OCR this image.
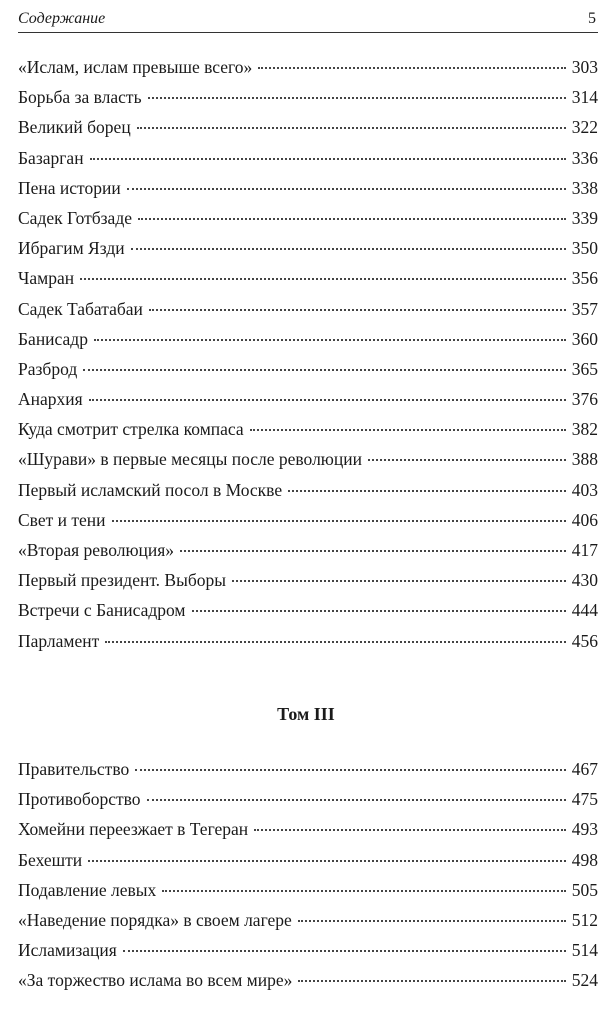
Содержание	5
«Ислам, ислам превыше всего»	303
Борьба за власть	314
Великий борец	322
Базарган	336
Пена истории	338
Садек Готбзаде	339
Ибрагим Язди	350
Чамран	356
Садек Табатабаи	357
Банисадр	360
Разброд	365
Анархия	376
Куда смотрит стрелка компаса	382
«Шурави» в первые месяцы после революции	388
Первый исламский посол в Москве	403
Свет и тени	406
«Вторая революция»	417
Первый президент. Выборы	430
Встречи с Банисадром	444
Парламент	456
Том III
Правительство	467
Противоборство	475
Хомейни переезжает в Тегеран	493
Бехешти	498
Подавление левых	505
«Наведение порядка» в своем лагере	512
Исламизация	514
«За торжество ислама во всем мире»	524
